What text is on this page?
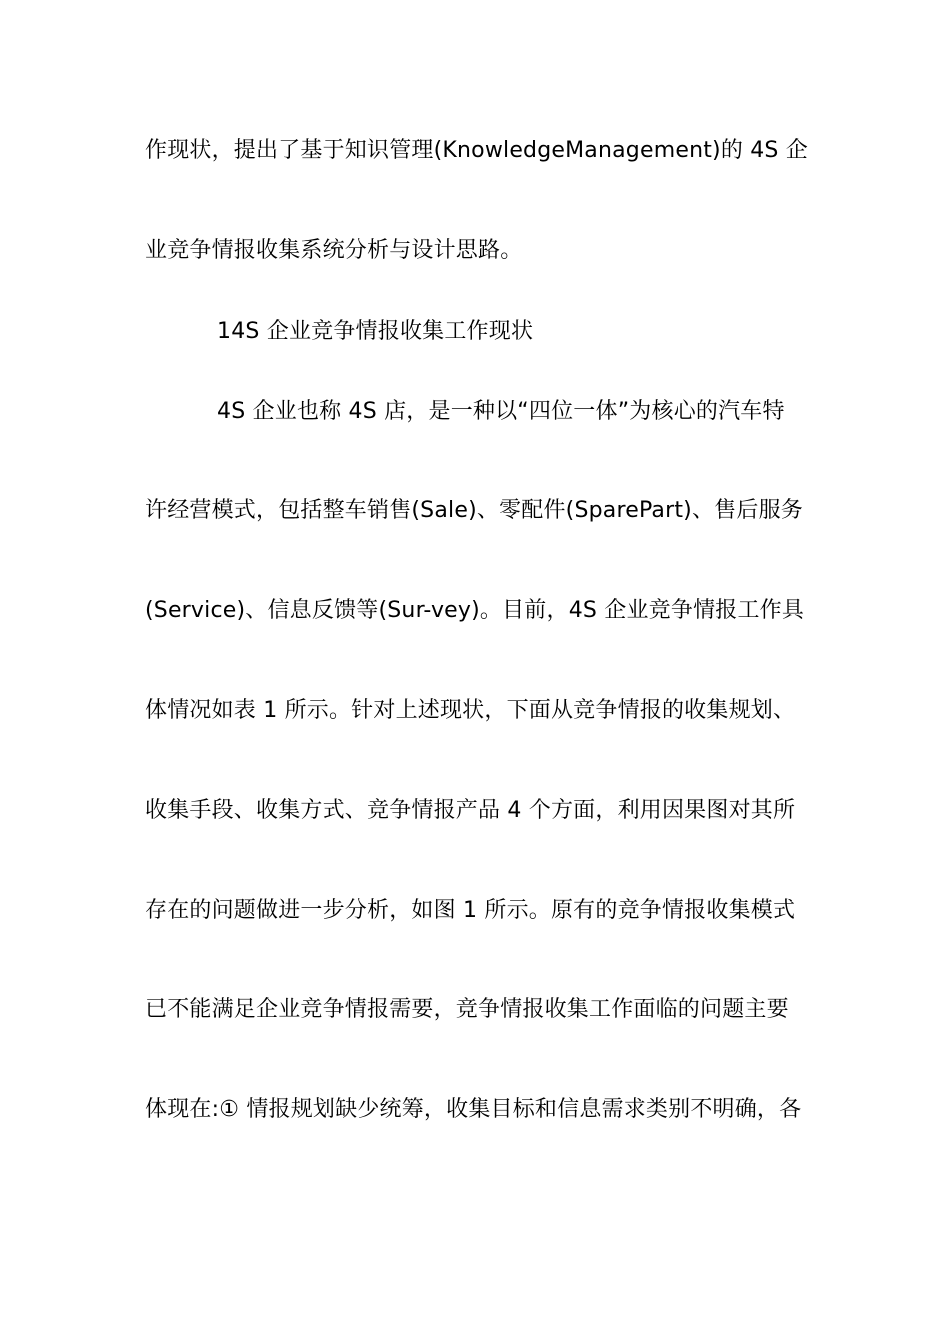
作现状，提出了基于知识管理(KnowledgeManagement)的 4S 企
业竞争情报收集系统分析与设计思路。
14S 企业竞争情报收集工作现状
4S 企业也称 4S 店，是一种以“四位一体”为核心的汽车特
许经营模式，包括整车销售(Sale)、零配件(SparePart)、售后服务
(Service)、信息反馈等(Sur-vey)。目前，4S 企业竞争情报工作具
体情况如表 1 所示。针对上述现状，下面从竞争情报的收集规划、
收集手段、收集方式、竞争情报产品 4 个方面，利用因果图对其所
存在的问题做进一步分析，如图 1 所示。原有的竞争情报收集模式
已不能满足企业竞争情报需要，竞争情报收集工作面临的问题主要
体现在:① 情报规划缺少统筹，收集目标和信息需求类别不明确，各
